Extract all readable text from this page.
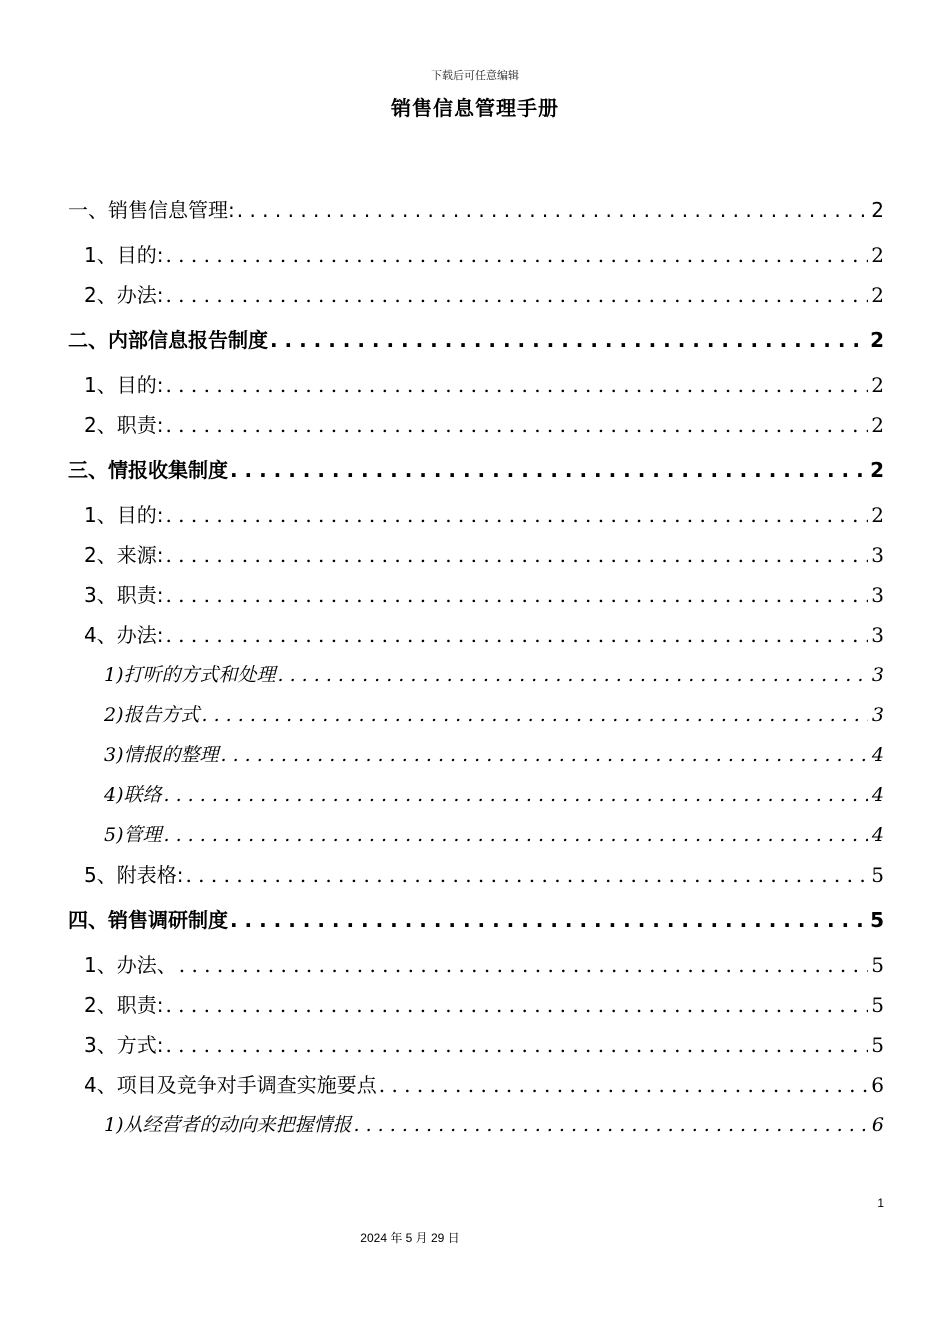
下载后可任意编辑
销售信息管理手册
一、销售信息管理: . . .	2
1、目的: . . .	2
2、办法: . . .	2
二、内部信息报告制度 . . .	2
1、目的: . . .	2
2、职责: . . .	2
三、情报收集制度 . . .	2
1、目的: . . .	2
2、来源: . . .	3
3、职责: . . .	3
4、办法: . . .	3
1)打听的方式和处理 . . .	3
2)报告方式 . . .	3
3)情报的整理 . . .	4
4)联络 . . .	4
5)管理 . . .	4
5、附表格: . . .	5
四、销售调研制度 . . .	5
1、办法、 . . .	5
2、职责: . . .	5
3、方式: . . .	5
4、项目及竞争对手调查实施要点 . . .	6
1)从经营者的动向来把握情报 . . .	6
1
2024 年 5 月 29 日
